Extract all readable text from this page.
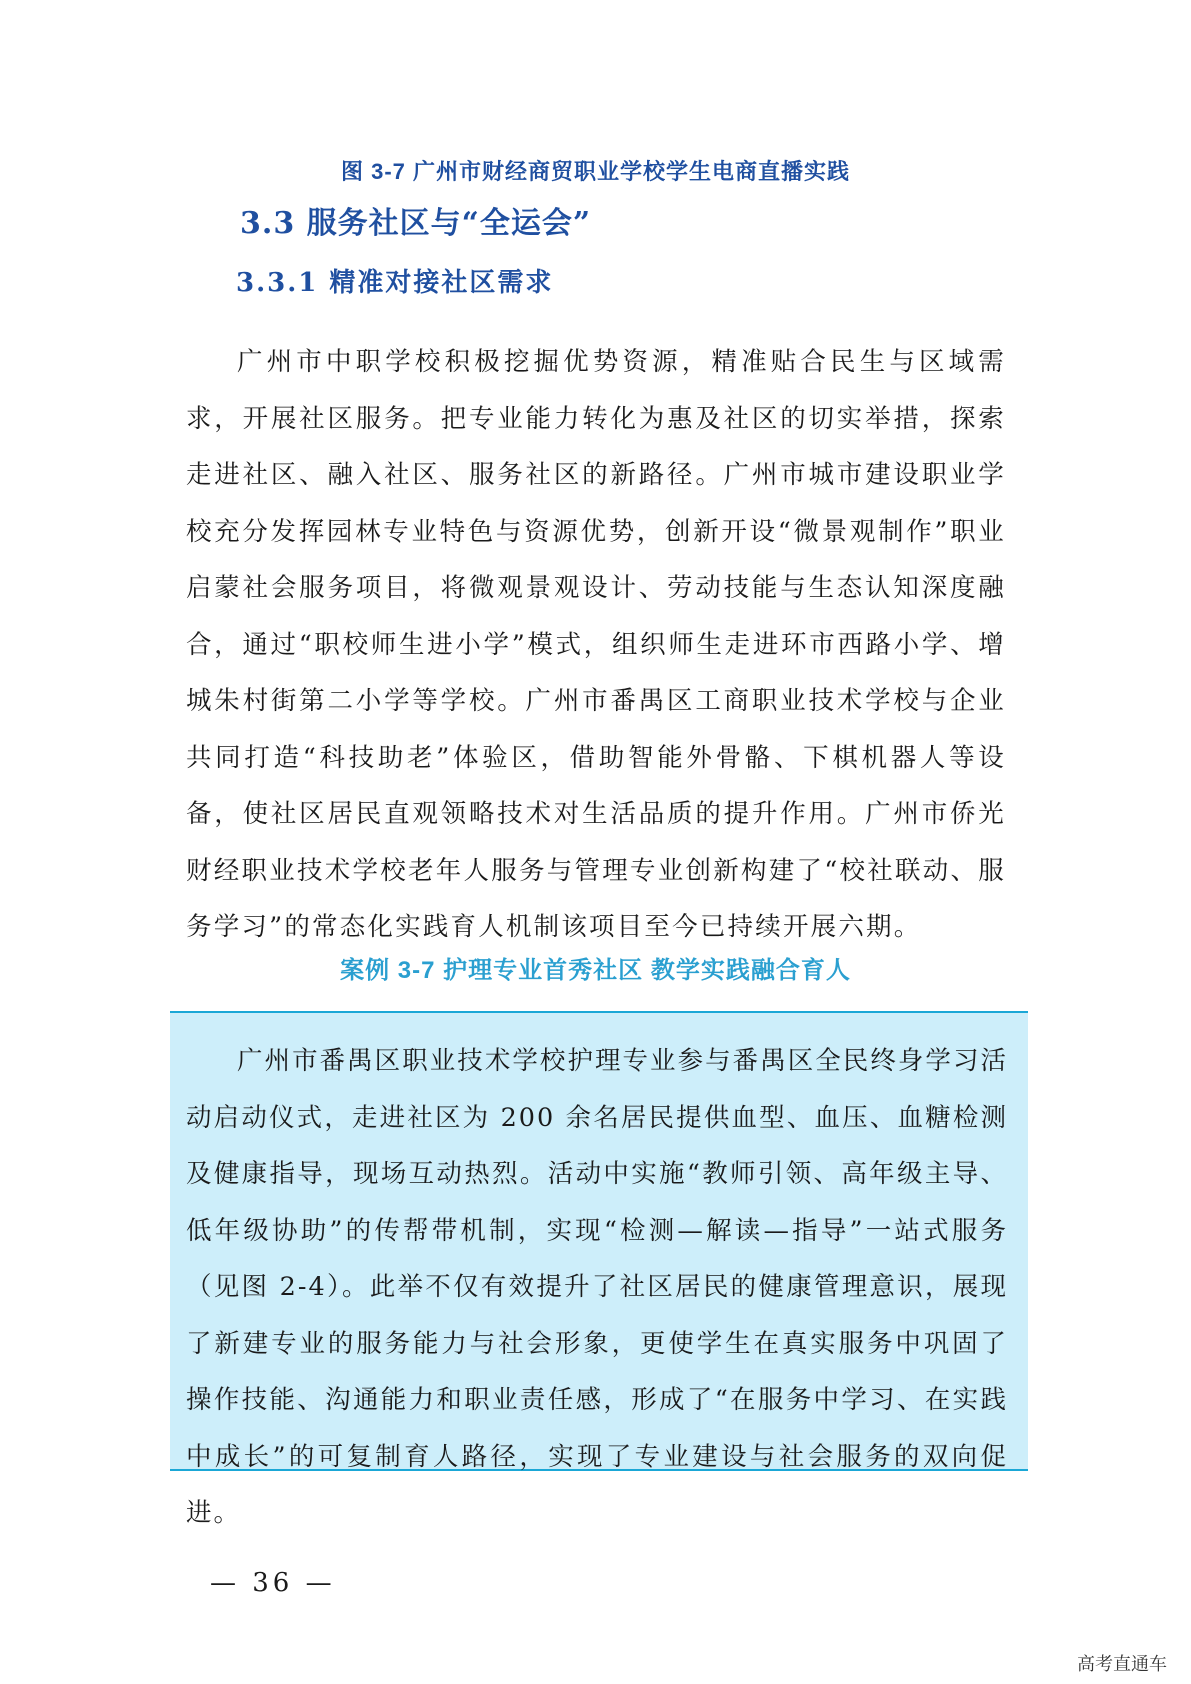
图 3-7 广州市财经商贸职业学校学生电商直播实践
3.3 服务社区与“全运会”
3.3.1 精准对接社区需求

广州市中职学校积极挖掘优势资源，精准贴合民生与区域需求，开展社区服务。把专业能力转化为惠及社区的切实举措，探索走进社区、融入社区、服务社区的新路径。广州市城市建设职业学校充分发挥园林专业特色与资源优势，创新开设“微景观制作”职业启蒙社会服务项目，将微观景观设计、劳动技能与生态认知深度融合，通过“职校师生进小学”模式，组织师生走进环市西路小学、增城朱村街第二小学等学校。广州市番禺区工商职业技术学校与企业共同打造“科技助老”体验区，借助智能外骨骼、下棋机器人等设备，使社区居民直观领略技术对生活品质的提升作用。广州市侨光财经职业技术学校老年人服务与管理专业创新构建了“校社联动、服务学习”的常态化实践育人机制该项目至今已持续开展六期。

案例 3-7 护理专业首秀社区 教学实践融合育人

广州市番禺区职业技术学校护理专业参与番禺区全民终身学习活动启动仪式，走进社区为 200 余名居民提供血型、血压、血糖检测及健康指导，现场互动热烈。活动中实施“教师引领、高年级主导、低年级协助”的传帮带机制，实现“检测—解读—指导”一站式服务（见图 2-4）。此举不仅有效提升了社区居民的健康管理意识，展现了新建专业的服务能力与社会形象，更使学生在真实服务中巩固了操作技能、沟通能力和职业责任感，形成了“在服务中学习、在实践中成长”的可复制育人路径，实现了专业建设与社会服务的双向促进。

— 36 —
高考直通车
